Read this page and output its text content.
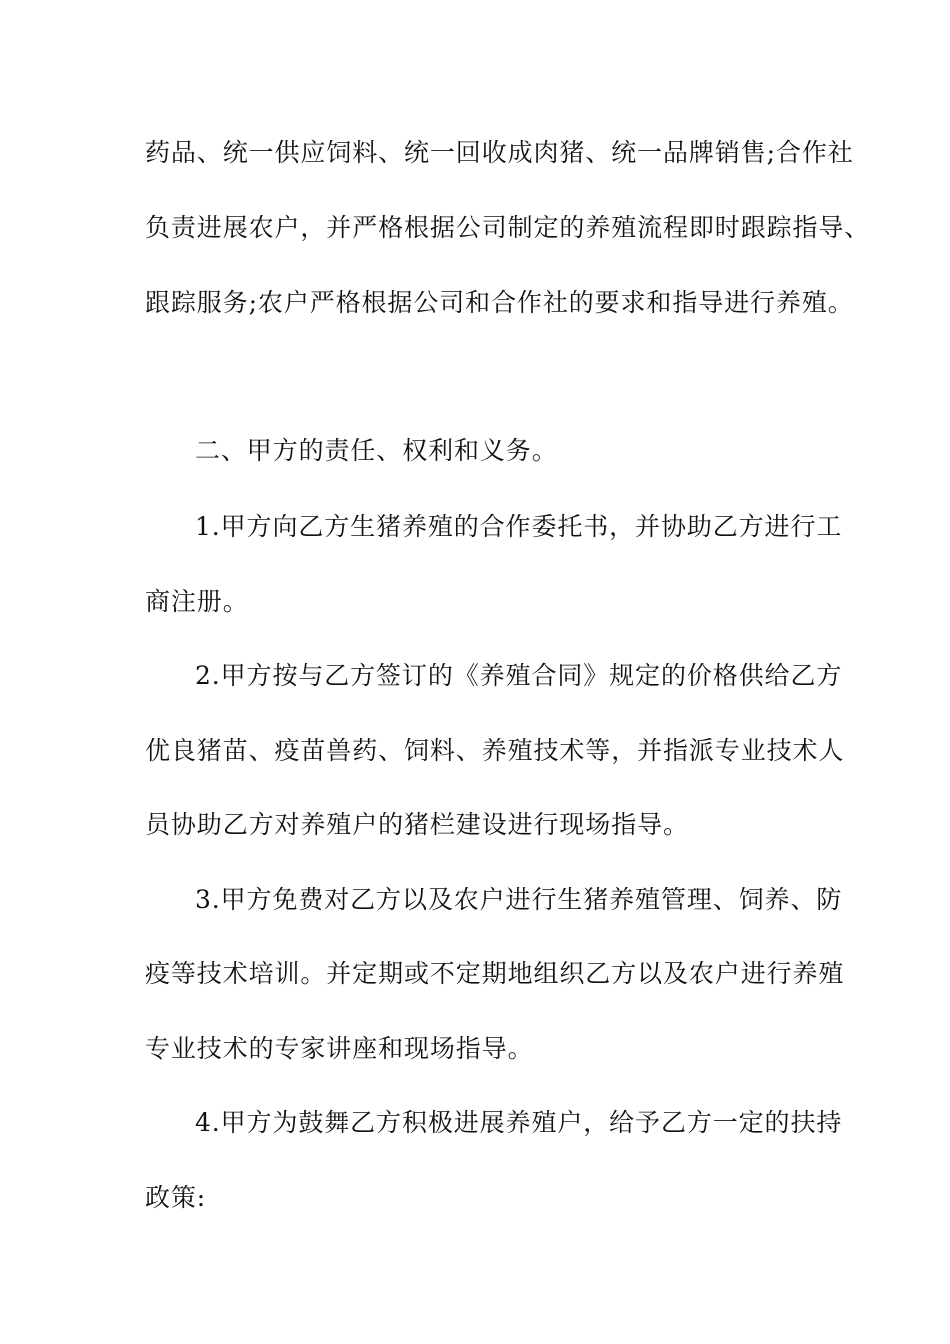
药品、统一供应饲料、统一回收成肉猪、统一品牌销售;合作社
负责进展农户，并严格根据公司制定的养殖流程即时跟踪指导、
跟踪服务;农户严格根据公司和合作社的要求和指导进行养殖。
二、甲方的责任、权利和义务。
1.甲方向乙方生猪养殖的合作委托书，并协助乙方进行工
商注册。
2.甲方按与乙方签订的《养殖合同》规定的价格供给乙方
优良猪苗、疫苗兽药、饲料、养殖技术等，并指派专业技术人
员协助乙方对养殖户的猪栏建设进行现场指导。
3.甲方免费对乙方以及农户进行生猪养殖管理、饲养、防
疫等技术培训。并定期或不定期地组织乙方以及农户进行养殖
专业技术的专家讲座和现场指导。
4.甲方为鼓舞乙方积极进展养殖户，给予乙方一定的扶持
政策:
